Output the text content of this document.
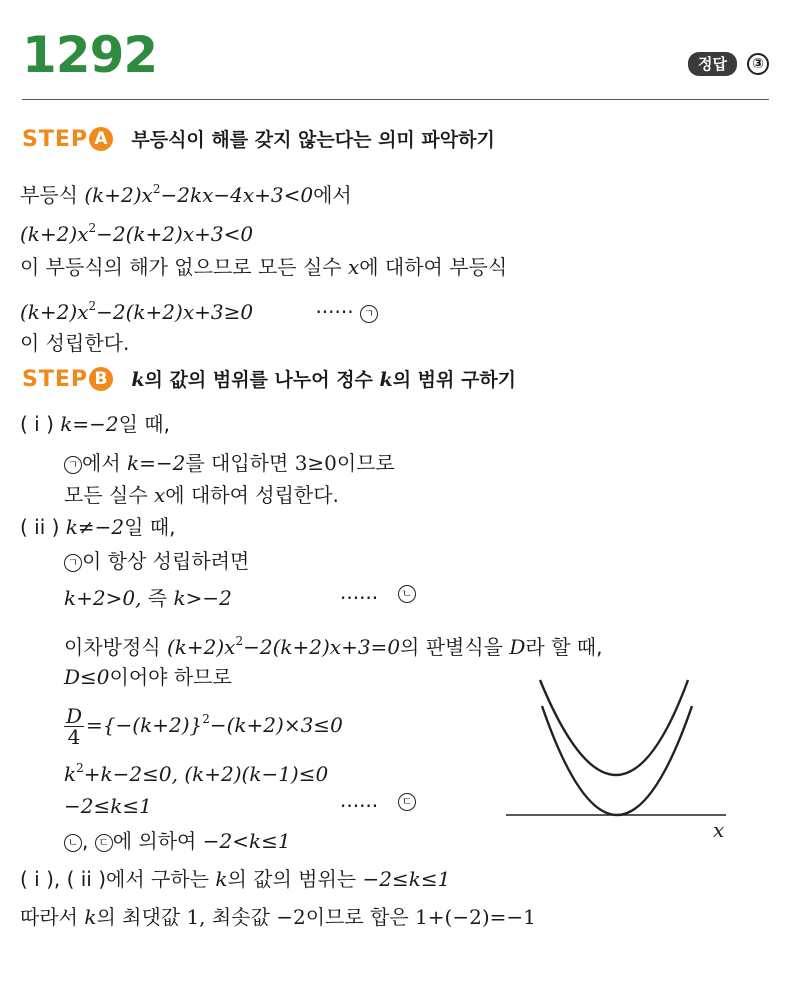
1292	정답	③
STEP A 부등식이 해를 갖지 않는다는 의미 파악하기
부등식 $(k+2)x^2-2kx-4x+3<0$에서
$(k+2)x^2-2(k+2)x+3<0$
이 부등식의 해가 없으므로 모든 실수 x에 대하여 부등식
$(k+2)x^2-2(k+2)x+3\ge 0$	······ ㄱ
이 성립한다.
STEP B k의 값의 범위를 나누어 정수 k의 범위 구하기
( i ) k=−2일 때,
ㄱ 에서 k=−2를 대입하면 3≥0이므로
모든 실수 x에 대하여 성립한다.
( ii ) k≠−2일 때,
ㄱ 이 항상 성립하려면
k+2>0, 즉 k>−2	······	ㄴ
이차방정식 $(k+2)x^2-2(k+2)x+3=0$의 판별식을 D라 할 때,
D≤0이어야 하므로
$\frac{D}{4} =\{-(k+2)\}^2-(k+2)\times 3\le 0$
$k^2+k-2\le 0$, (k+2)(k−1)≤0
−2≤k≤1	······	ㄷ
ㄴ , ㄷ 에 의하여 −2<k≤1
( i ), ( ii )에서 구하는 k의 값의 범위는 −2≤k≤1
따라서 k의 최댓값 1, 최솟값 −2이므로 합은 1+(−2)=−1
x
